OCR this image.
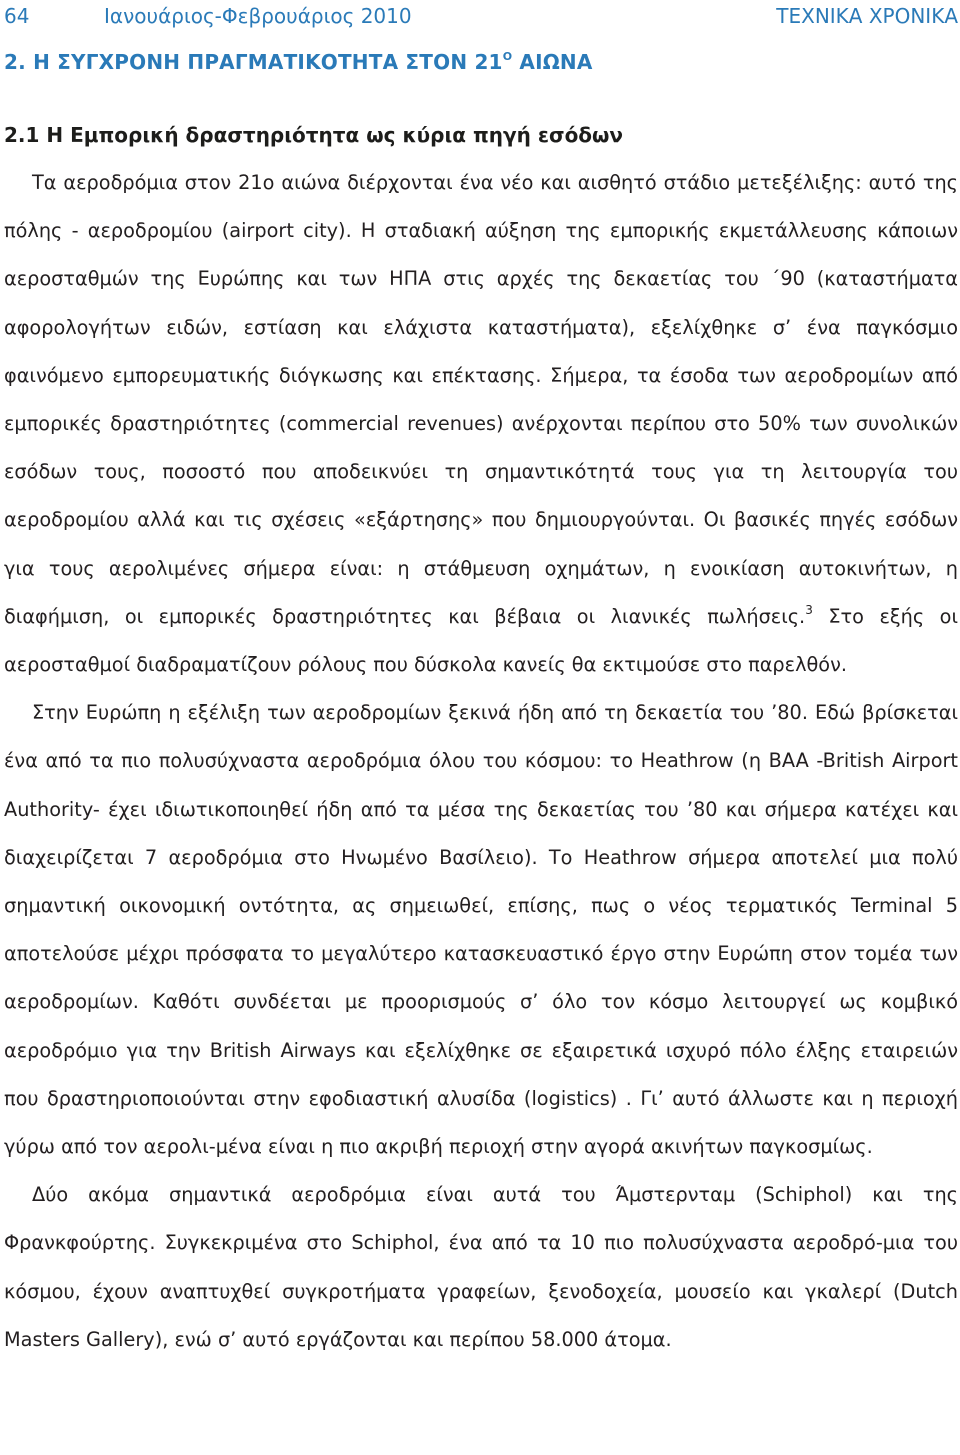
64	Ιανουάριος-Φεβρουάριος 2010	ΤΕΧΝΙΚΑ ΧΡΟΝΙΚΑ
2. Η ΣΥΓΧΡΟΝΗ ΠΡΑΓΜΑΤΙΚΟΤΗΤΑ ΣΤΟΝ $21^O$ ΑΙΩΝΑ
2.1 Η Εμπορική δραστηριότητα ως κύρια πηγή εσόδων

Τα αεροδρόμια στον 21ο αιώνα διέρχονται ένα νέο και αισθητό στάδιο μετεξέλιξης: αυτό της πόλης - αεροδρομίου (airport city). Η σταδιακή αύξηση της εμπορικής εκμετάλλευσης κάποιων αεροσταθμών της Ευρώπης και των ΗΠΑ στις αρχές της δεκαετίας του ΄90 (καταστήματα αφορολογήτων ειδών, εστίαση και ελάχιστα καταστήματα), εξελίχθηκε σ’ ένα παγκόσμιο φαινόμενο εμπορευματικής διόγκωσης και επέκτασης. Σήμερα, τα έσοδα των αεροδρομίων από εμπορικές δραστηριότητες (commercial revenues) ανέρχονται περίπου στο 50% των συνολικών εσόδων τους, ποσοστό που αποδεικνύει τη σημαντικότητά τους για τη λειτουργία του αεροδρομίου αλλά και τις σχέσεις «εξάρτησης» που δημιουργούνται. Οι βασικές πηγές εσόδων για τους αερολιμένες σήμερα είναι: η στάθμευση οχημάτων, η ενοικίαση αυτοκινήτων, η διαφήμιση, οι εμπορικές δραστηριότητες και βέβαια οι λιανικές πωλήσεις.$^3$ Στο εξής οι αεροσταθμοί διαδραματίζουν ρόλους που δύσκολα κανείς θα εκτιμούσε στο παρελθόν.

Στην Ευρώπη η εξέλιξη των αεροδρομίων ξεκινά ήδη από τη δεκαετία του ’80. Εδώ βρίσκεται ένα από τα πιο πολυσύχναστα αεροδρόμια όλου του κόσμου: το Heathrow (η BAA -British Airport Authority- έχει ιδιωτικοποιηθεί ήδη από τα μέσα της δεκαετίας του ’80 και σήμερα κατέχει και διαχειρίζεται 7 αεροδρόμια στο Ηνωμένο Βασίλειο). Το Heathrow σήμερα αποτελεί μια πολύ σημαντική οικονομική οντότητα, ας σημειωθεί, επίσης, πως ο νέος τερματικός Terminal 5 αποτελούσε μέχρι πρόσφατα το μεγαλύτερο κατασκευαστικό έργο στην Ευρώπη στον τομέα των αεροδρομίων. Καθότι συνδέεται με προορισμούς σ’ όλο τον κόσμο λειτουργεί ως κομβικό αεροδρόμιο για την British Airways και εξελίχθηκε σε εξαιρετικά ισχυρό πόλο έλξης εταιρειών που δραστηριοποιούνται στην εφοδιαστική αλυσίδα (logistics) . Γι’ αυτό άλλωστε και η περιοχή γύρω από τον αερολι-μένα είναι η πιο ακριβή περιοχή στην αγορά ακινήτων παγκοσμίως.

Δύο ακόμα σημαντικά αεροδρόμια είναι αυτά του Άμστερνταμ (Schiphol) και της Φρανκφούρτης. Συγκεκριμένα στο Schiphol, ένα από τα 10 πιο πολυσύχναστα αεροδρό-μια του κόσμου, έχουν αναπτυχθεί συγκροτήματα γραφείων, ξενοδοχεία, μουσείο και γκαλερί (Dutch Masters Gallery), ενώ σ’ αυτό εργάζονται και περίπου 58.000 άτομα.
